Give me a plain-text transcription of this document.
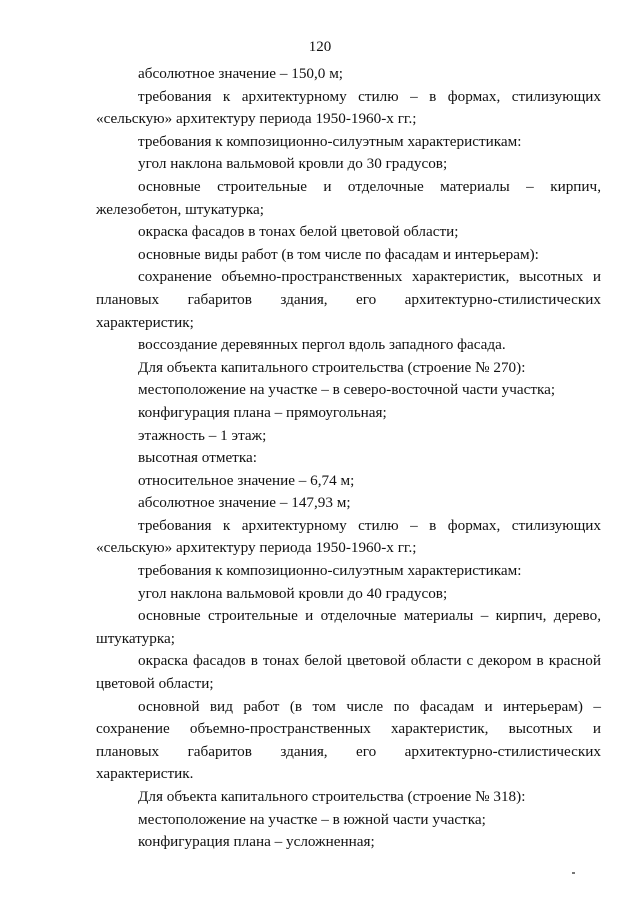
120

абсолютное значение – 150,0 м;

требования к архитектурному стилю – в формах, стилизующих «сельскую» архитектуру периода 1950-1960-х гг.;

требования к композиционно-силуэтным характеристикам:

угол наклона вальмовой кровли до 30 градусов;

основные строительные и отделочные материалы – кирпич, железобетон, штукатурка;

окраска фасадов в тонах белой цветовой области;

основные виды работ (в том числе по фасадам и интерьерам):

сохранение объемно-пространственных характеристик, высотных и плановых габаритов здания, его архитектурно-стилистических характеристик;

воссоздание деревянных пергол вдоль западного фасада.

Для объекта капитального строительства (строение № 270):

местоположение на участке – в северо-восточной части участка;

конфигурация плана – прямоугольная;

этажность – 1 этаж;

высотная отметка:

относительное значение – 6,74 м;

абсолютное значение – 147,93 м;

требования к архитектурному стилю – в формах, стилизующих «сельскую» архитектуру периода 1950-1960-х гг.;

требования к композиционно-силуэтным характеристикам:

угол наклона вальмовой кровли до 40 градусов;

основные строительные и отделочные материалы – кирпич, дерево, штукатурка;

окраска фасадов в тонах белой цветовой области с декором в красной цветовой области;

основной вид работ (в том числе по фасадам и интерьерам) – сохранение объемно-пространственных характеристик, высотных и плановых габаритов здания, его архитектурно-стилистических характеристик.

Для объекта капитального строительства (строение № 318):

местоположение на участке – в южной части участка;

конфигурация плана – усложненная;
